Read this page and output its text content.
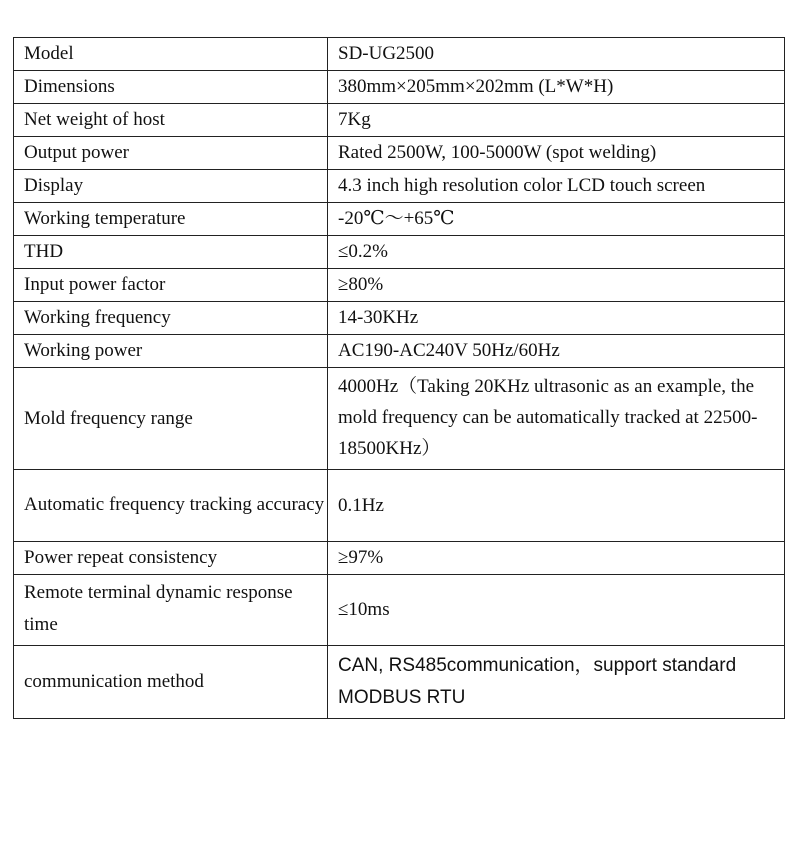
Model	SD-UG2500
Dimensions	380mm×205mm×202mm (L*W*H)
Net weight of host	7Kg
Output power	Rated 2500W, 100-5000W (spot welding)
Display	4.3 inch high resolution color LCD touch screen
Working temperature	-20℃～+65℃
THD	≤0.2%
Input power factor	≥80%
Working frequency	14-30KHz
Working power	AC190-AC240V 50Hz/60Hz
Mold frequency range	4000Hz（Taking 20KHz ultrasonic as an example, the mold frequency can be automatically tracked at 22500-18500KHz）
Automatic frequency tracking accuracy	0.1Hz
Power repeat consistency	≥97%
Remote terminal dynamic response time	≤10ms
communication method	CAN, RS485communication，support standard MODBUS RTU
